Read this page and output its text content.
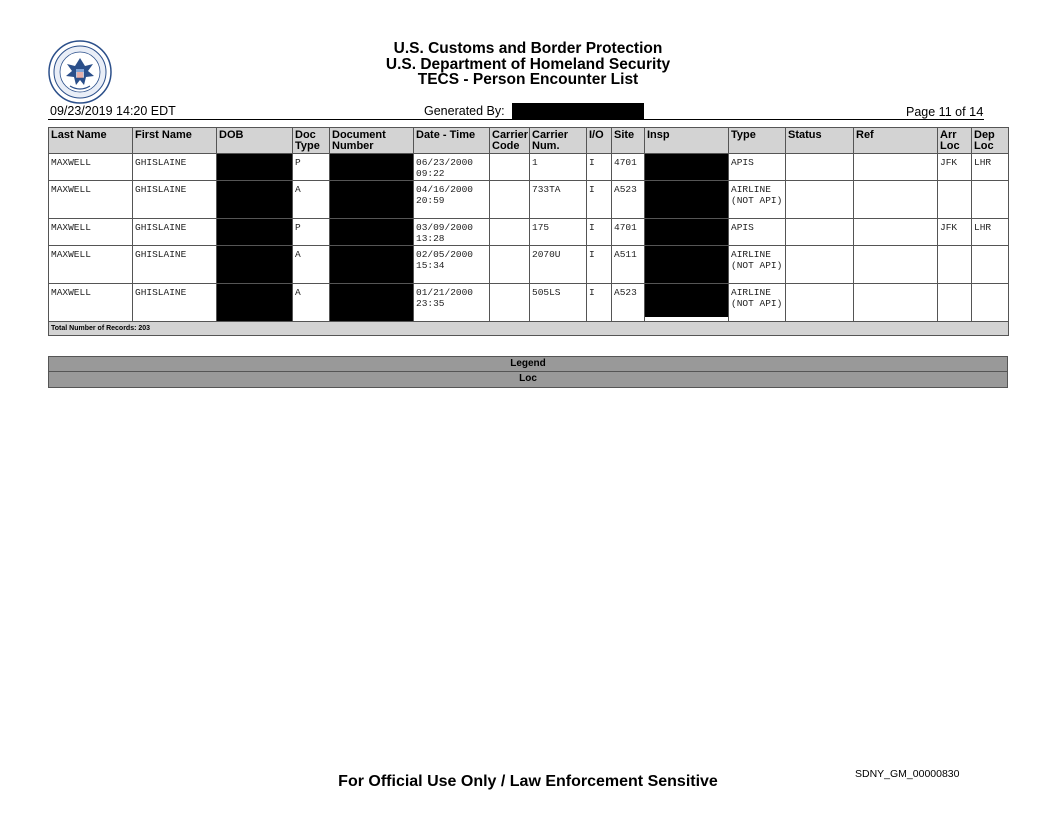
U.S. Customs and Border Protection
U.S. Department of Homeland Security
TECS - Person Encounter List
09/23/2019 14:20 EDT	Generated By:	Page 11 of 14
Last Name	First Name	DOB	Doc Type	Document Number	Date - Time	Carrier Code	Carrier Num.	I/O	Site	Insp	Type	Status	Ref	Arr Loc	Dep Loc
MAXWELL	GHISLAINE		P		06/23/2000 09:22		1	I	4701		APIS			JFK	LHR
MAXWELL	GHISLAINE		A		04/16/2000 20:59		733TA	I	A523		AIRLINE (NOT API)				
MAXWELL	GHISLAINE		P		03/09/2000 13:28		175	I	4701		APIS			JFK	LHR
MAXWELL	GHISLAINE		A		02/05/2000 15:34		2070U	I	A511		AIRLINE (NOT API)				
MAXWELL	GHISLAINE		A		01/21/2000 23:35		505LS	I	A523		AIRLINE (NOT API)				
Total Number of Records: 203															
Legend
Loc
For Official Use Only / Law Enforcement Sensitive	SDNY_GM_00000830
